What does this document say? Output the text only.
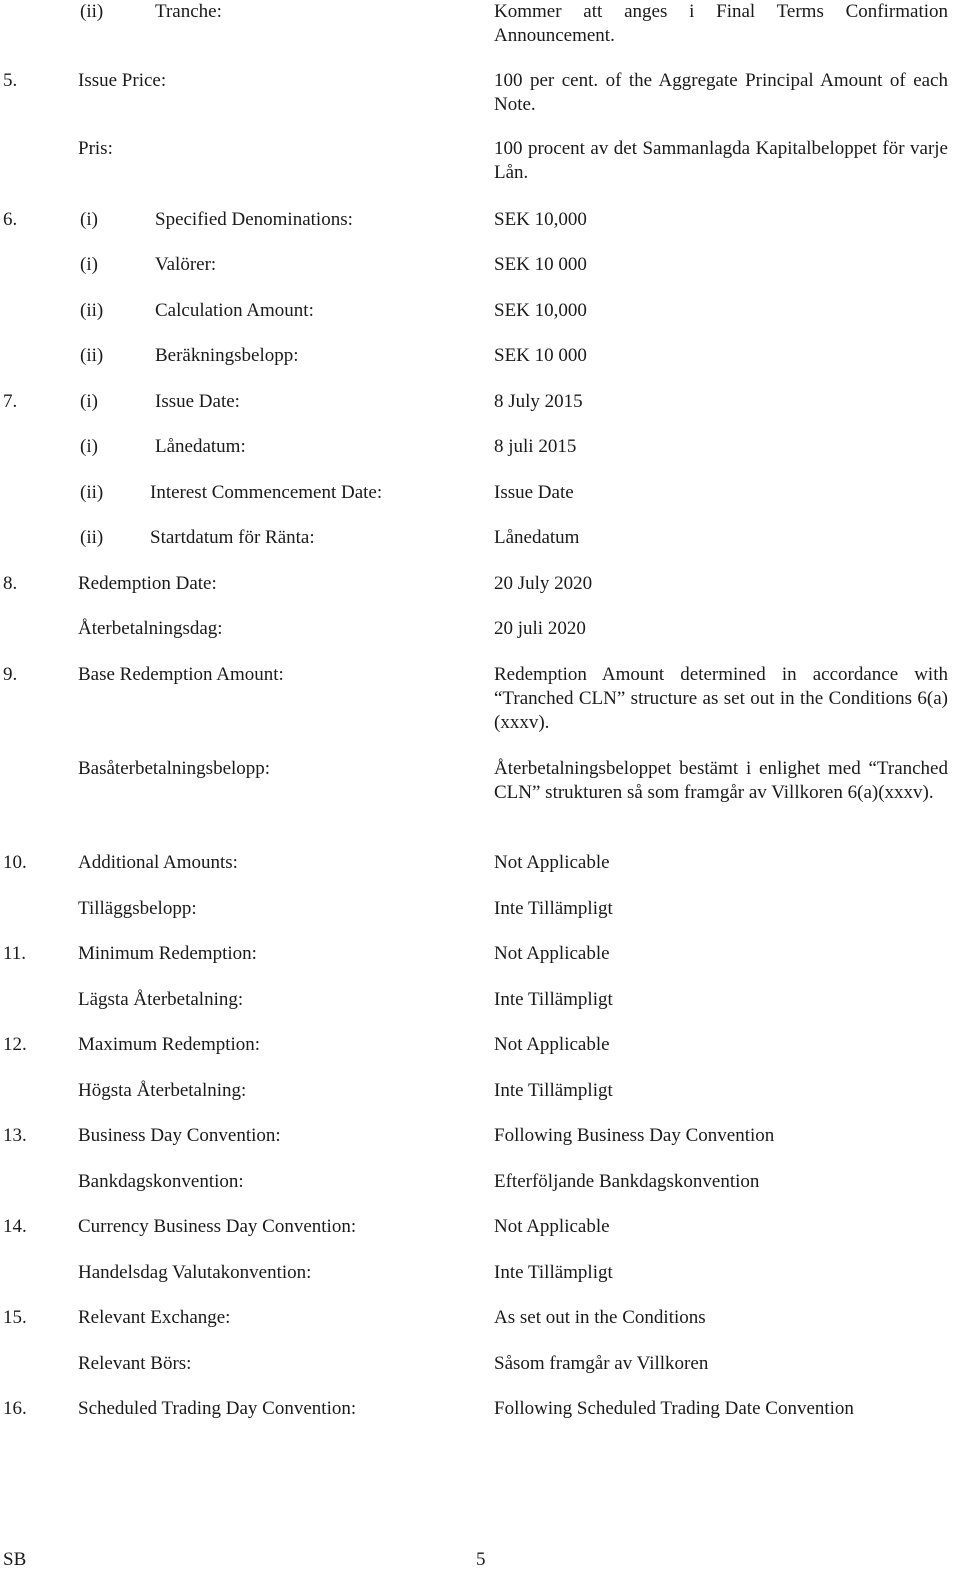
(ii)	Tranche:	Kommer att anges i Final Terms Confirmation Announcement.
5.	Issue Price:	100 per cent. of the Aggregate Principal Amount of each Note.
Pris:	100 procent av det Sammanlagda Kapitalbeloppet för varje Lån.
6.	(i)	Specified Denominations:	SEK 10,000
(i)	Valörer:	SEK 10 000
(ii)	Calculation Amount:	SEK 10,000
(ii)	Beräkningsbelopp:	SEK 10 000
7.	(i)	Issue Date:	8 July 2015
(i)	Lånedatum:	8 juli 2015
(ii) Interest Commencement Date:	Issue Date
(ii) Startdatum för Ränta:	Lånedatum
8.	Redemption Date:	20 July 2020
Återbetalningsdag:	20 juli 2020
9.	Base Redemption Amount:	Redemption Amount determined in accordance with “Tranched CLN” structure as set out in the Conditions 6(a)(xxxv).
Basåterbetalningsbelopp:	Återbetalningsbeloppet bestämt i enlighet med “Tranched CLN” strukturen så som framgår av Villkoren 6(a)(xxxv).
10.	Additional Amounts:	Not Applicable
Tilläggsbelopp:	Inte Tillämpligt
11.	Minimum Redemption:	Not Applicable
Lägsta Återbetalning:	Inte Tillämpligt
12.	Maximum Redemption:	Not Applicable
Högsta Återbetalning:	Inte Tillämpligt
13.	Business Day Convention:	Following Business Day Convention
Bankdagskonvention:	Efterföljande Bankdagskonvention
14.	Currency Business Day Convention:	Not Applicable
Handelsdag Valutakonvention:	Inte Tillämpligt
15.	Relevant Exchange:	As set out in the Conditions
Relevant Börs:	Såsom framgår av Villkoren
16.	Scheduled Trading Day Convention:	Following Scheduled Trading Date Convention
SB	5
